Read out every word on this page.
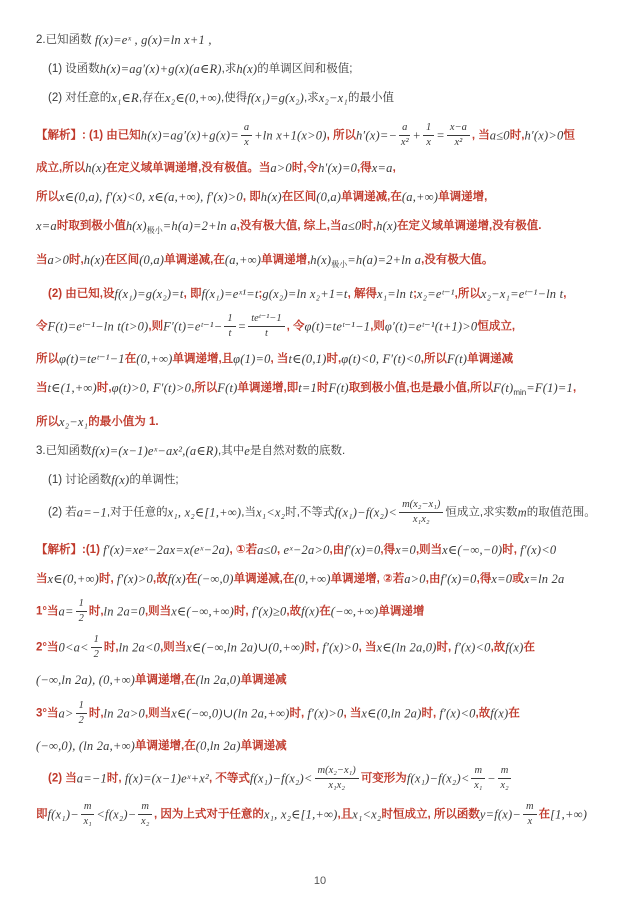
2.已知函数 f(x)=eˣ , g(x)=ln x+1 ,
(1) 设函数h(x)=ag′(x)+g(x)(a∈R),求h(x)的单调区间和极值;
(2) 对任意的x₁∈R,存在x₂∈(0,+∞),使得f(x₁)=g(x₂),求x₂−x₁的最小值
【解析】: (1) 由已知$h(x)=ag'(x)+g(x)= \frac{a}{x} +\ln$ x+1(x>0), 所以$h'(x)=- \frac{a}{\text{x²}} + \frac{1}{x} = \frac{x-a}{\text{x²}}$ , 当a≤0时,h′(x)>0恒
成立,所以h(x)在定义域单调递增,没有极值。当a>0时,令h′(x)=0,得x=a,
所以x∈(0,a), f′(x)<0, x∈(a,+∞), f′(x)>0, 即h(x)在区间(0,a)单调递减,在(a,+∞)单调递增,
x=a时取到极小值$h(x)_{极小}=h(a)=2+\ln$ a,没有极大值, 综上,当a≤0时,h(x)在定义域单调递增,没有极值.
当a>0时,h(x)在区间(0,a)单调递减,在(a,+∞)单调递增$,h(x)_{极小}=h(a)=2+\ln$ a,没有极大值。
(2) 由已知,设f(x₁)=g(x₂)=t, 即f(x₁)=eˣ¹=t;g(x₂)=ln x₂+1=t, 解得x₁=ln t;x₂=eᵗ⁻¹,所以x₂−x₁=eᵗ⁻¹−ln t,
令F(t)=eᵗ⁻¹−ln t(t>0),则F′(t)=eᵗ⁻¹− $\frac{1}{t} = \frac{\text{teᵗ⁻¹−1}}{t}$ , 令φ(t)=teᵗ⁻¹−1,则φ′(t)=eᵗ⁻¹(t+1)>0恒成立,
所以φ(t)=teᵗ⁻¹−1在(0,+∞)单调递增,且φ(1)=0, 当t∈(0,1)时,φ(t)<0, F′(t)<0,所以F(t)单调递减
当t∈(1,+∞)时,φ(t)>0, F′(t)>0,所以F(t)单调递增,即t=1时F(t)取到极小值,也是最小值,所以$F(t)_{min}=F(1)=1$,
所以x₂−x₁的最小值为 1.
3.已知函数f(x)=(x−1)eˣ−ax²,(a∈R),其中e是自然对数的底数.
(1) 讨论函数f(x)的单调性;
(2) 若a=−1,对于任意的x₁, x₂∈[1,+∞),当x₁<x₂时,不等式$f(x_1)-f(x_2)< \frac{\text{m(x₂−x₁)}}{\text{x₁x₂}}$ 恒成立,求实数m的取值范围。
【解析】:(1) f′(x)=xeˣ−2ax=x(eˣ−2a), ①若a≤0, eˣ−2a>0,由f′(x)=0,得x=0,则当x∈(−∞,−0)时, f′(x)<0
当x∈(0,+∞)时, f′(x)>0,故f(x)在(−∞,0)单调递减,在(0,+∞)单调递增, ②若a>0,由f′(x)=0,得x=0或x=ln 2a
1°当$a= \frac{1}{2}$ 时,ln 2a=0,则当x∈(−∞,+∞)时, f′(x)≥0,故f(x)在(−∞,+∞)单调递增
2°当$0<a< \frac{1}{2}$ 时,ln 2a<0,则当x∈(−∞,ln 2a)∪(0,+∞)时, f′(x)>0, 当x∈(ln 2a,0)时, f′(x)<0,故f(x)在
(−∞,ln 2a), (0,+∞)单调递增,在(ln 2a,0)单调递减
3°当$a> \frac{1}{2}$ 时,ln 2a>0,则当x∈(−∞,0)∪(ln 2a,+∞)时, f′(x)>0, 当x∈(0,ln 2a)时, f′(x)<0,故f(x)在
(−∞,0), (ln 2a,+∞)单调递增,在(0,ln 2a)单调递减
(2) 当a=−1时, f(x)=(x−1)eˣ+x², 不等式$f(x_1)-f(x_2)< \frac{\text{m(x₂−x₁)}}{\text{x₁x₂}}$ 可变形为$f(x_1)-f(x_2)< \frac{m}{\text{x₁}} - \frac{m}{\text{x₂}}$
即$f(x_1)- \frac{m}{\text{x₁}} <f(x_2)- \frac{m}{\text{x₂}}$ , 因为上式对于任意的x₁, x₂∈[1,+∞),且x₁<x₂时恒成立, 所以函数$y=f(x)- \frac{m}{x}$ 在[1,+∞)
10
